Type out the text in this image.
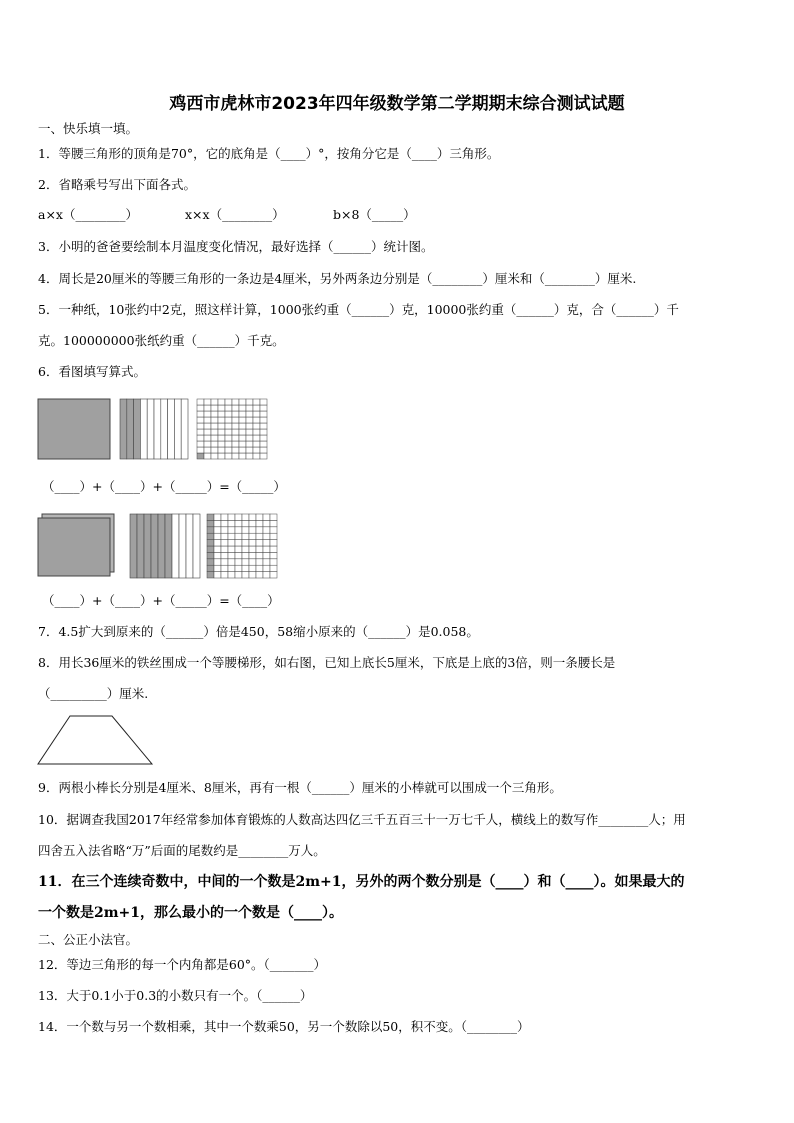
鸡西市虎林市2023年四年级数学第二学期期末综合测试试题
一、快乐填一填。
1．等腰三角形的顶角是70°，它的底角是（____）°，按角分它是（____）三角形。
2．省略乘号写出下面各式。
a×x（________）	x×x（________）	b×8（_____）
3．小明的爸爸要绘制本月温度变化情况，最好选择（______）统计图。
4．周长是20厘米的等腰三角形的一条边是4厘米，另外两条边分别是（________）厘米和（________）厘米.
5．一种纸，10张约中2克，照这样计算，1000张约重（______）克，10000张约重（______）克，合（______）千
克。100000000张纸约重（______）千克。
6．看图填写算式。
（____）+（____）+（_____）=（_____）
（____）+（____）+（_____）=（____）
7．4.5扩大到原来的（______）倍是450，58缩小原来的（______）是0.058。
8．用长36厘米的铁丝围成一个等腰梯形，如右图，已知上底长5厘米，下底是上底的3倍，则一条腰长是
（_________）厘米.
9．两根小棒长分别是4厘米、8厘米，再有一根（______）厘米的小棒就可以围成一个三角形。
10．据调查我国2017年经常参加体育锻炼的人数高达四亿三千五百三十一万七千人，横线上的数写作________人；用
四舍五入法省略“万”后面的尾数约是________万人。
11．在三个连续奇数中，中间的一个数是2m+1，另外的两个数分别是（____）和（____）。如果最大的
一个数是2m+1，那么最小的一个数是（____）。
二、公正小法官。
12．等边三角形的每一个内角都是60°。（_______）
13．大于0.1小于0.3的小数只有一个。（______）
14．一个数与另一个数相乘，其中一个数乘50，另一个数除以50，积不变。（________）
